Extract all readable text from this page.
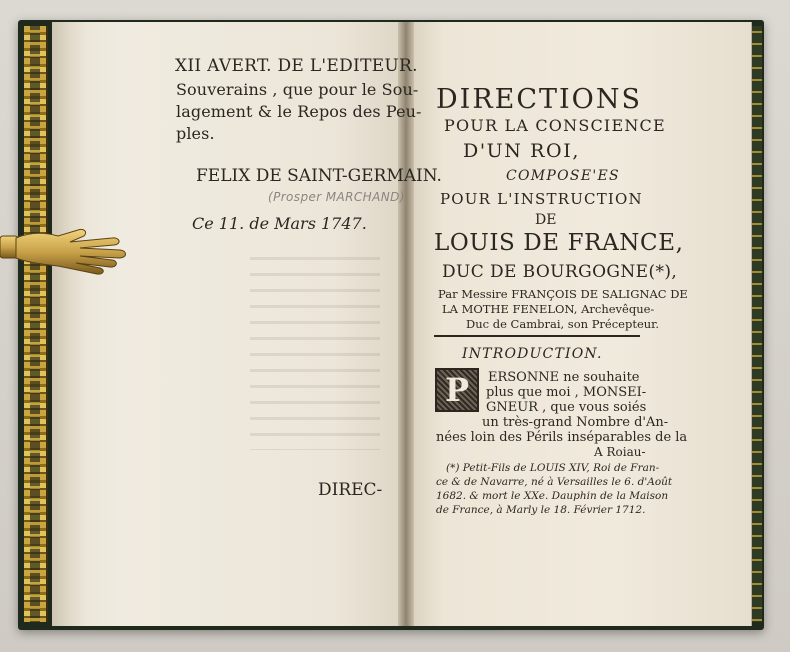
XII AVERT. DE L'EDITEUR.
Souverains , que pour le Sou-
lagement & le Repos des Peu-
ples.
FELIX DE SAINT-GERMAIN.
(Prosper MARCHAND)
Ce 11. de Mars 1747.
DIREC-
DIRECTIONS
POUR LA CONSCIENCE
D'UN ROI,
COMPOSE'ES
POUR L'INSTRUCTION
DE
LOUIS DE FRANCE,
DUC DE BOURGOGNE(*),
Par Messire FRANÇOIS DE SALIGNAC DE
LA MOTHE FENELON, Archevêque-
Duc de Cambrai, son Précepteur.
INTRODUCTION.
P	ERSONNE ne souhaite
plus que moi , MONSEI-
GNEUR , que vous soiés
un très-grand Nombre d'An-
nées loin des Périls inséparables de la
A Roiau-
(*) Petit-Fils de LOUIS XIV, Roi de Fran-
ce & de Navarre, né à Versailles le 6. d'Août
1682. & mort le XXe. Dauphin de la Maison
de France, à Marly le 18. Février 1712.
